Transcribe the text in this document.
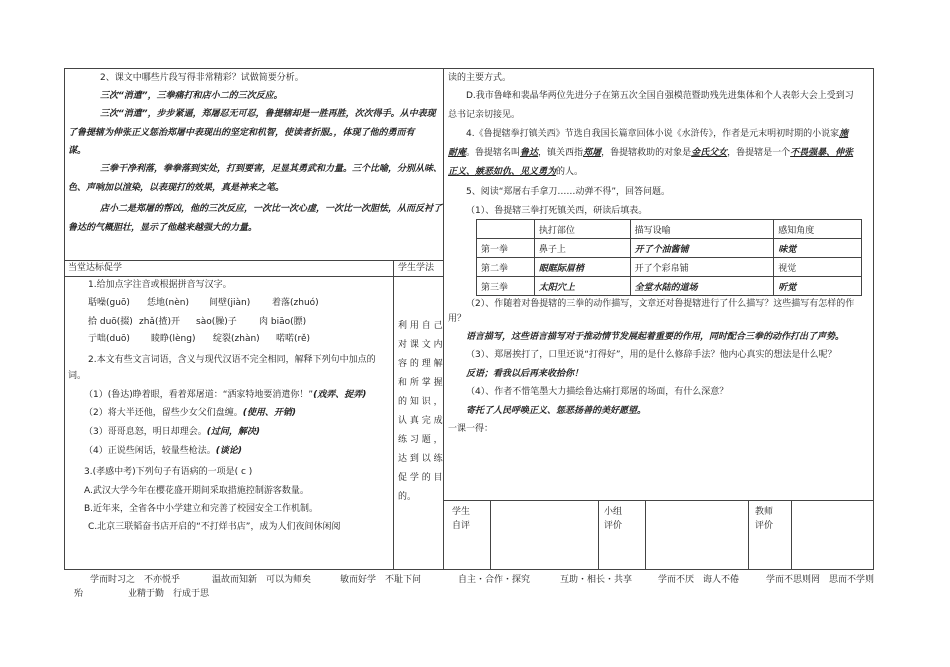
2、课文中哪些片段写得非常精彩？试做简要分析。
三次“消遣”，三拳痛打和店小二的三次反应。
三次“消遣”，步步紧逼，郑屠忍无可忍，鲁提辖却是一胜再胜，次次得手。从中表现
了鲁提辖为伸张正义惩治郑屠中表现出的坚定和机智，使读者折服。，体现了他的勇而有
谋。
三拳干净利落，拳拳落到实处，打到要害，足显其勇武和力量。三个比喻，分别从味、
色、声响加以渲染，以表现打的效果，真是神来之笔。
店小二是郑屠的帮凶，他的三次反应，一次比一次心虚，一次比一次胆怯，从而反衬了
鲁达的气概胆壮，显示了他越来越强大的力量。
当堂达标促学	学生学法
1.给加点字注音或根据拼音写汉字。
聒噪(guō) 恁地(nèn) 间壁(jiàn) 着落(zhuó)
拾 duō(掇) zhǎ(揸)开 sào(臊)子 肉 biāo(膘)
亍咄(duō) 睖睁(lèng) 绽裂(zhàn) 喏喏(rě)
2.本文有些文言词语，含义与现代汉语不完全相同，解释下列句中加点的
词。
（1）(鲁达)睁着眼，看着郑屠道：“洒家特地要消遣你！”(戏弄、捉弄)
（2）将大半还他，留些少女父们盘缠。(使用、开销)
（3）哥哥息怒，明日却理会。(过问，解决)
（4）正说些闲话，较量些枪法。(谈论)
3.(孝感中考)下列句子有语病的一项是( c )
A.武汉大学今年在樱花盛开期间采取措施控制游客数量。
B.近年来，全省各中小学建立和完善了校园安全工作机制。
C.北京三联韬奋书店开启的“不打烊书店”，成为人们夜间休闲阅
利 用 自 己
对 课 文 内
容 的 理 解
和 所 掌 握
的 知 识 ，
认 真 完 成
练 习 题 ，
达 到 以 练
促 学 的 目
的。
读的主要方式。
D.我市鲁峰和裴晶华两位先进分子在第五次全国自强模范暨助残先进集体和个人表彰大会上受到习
总书记亲切接见。
4.《鲁提辖拳打镇关西》节选自我国长篇章回体小说《水浒传》，作者是元末明初时期的小说家施
耐庵。鲁提辖名叫鲁达，镇关西指郑屠，鲁提辖救助的对象是金氏父女，鲁提辖是一个不畏强暴、伸张
正义、嫉恶如仇、见义勇为的人。
5、阅读“郑屠右手拿刀……动弹不得”，回答问题。
（1）、鲁提辖三拳打死镇关西，研读后填表。
	执打部位	描写设喻	感知角度
第一拳	鼻子上	开了个油酱铺	味觉
第二拳	眼眶际眉梢	开了个彩帛铺	视觉
第三拳	太阳穴上	全堂水陆的道场	听觉
（2）、作随着对鲁提辖的三拳的动作描写，文章还对鲁提辖进行了什么描写？这些描写有怎样的作
用？
语言描写，这些语言描写对于推动情节发展起着重要的作用，同时配合三拳的动作打出了声势。
（3）、郑屠挨打了，口里还说“打得好”，用的是什么修辞手法？他内心真实的想法是什么呢？
反语；看我以后再来收拾你！
（4）、作者不惜笔墨大力描绘鲁达痛打郑屠的场面，有什么深意？
寄托了人民呼唤正义、惩恶扬善的美好愿望。
一课一得：
学生
自评
小组
评价
教师
评价
学而时习之　不亦悦乎	温故而知新　可以为师矣	敏而好学　不耻下问	自主・合作・探究	互助・相长・共享	学而不厌　诲人不倦	学而不思则罔　思而不学则
殆	业精于勤　行成于思
